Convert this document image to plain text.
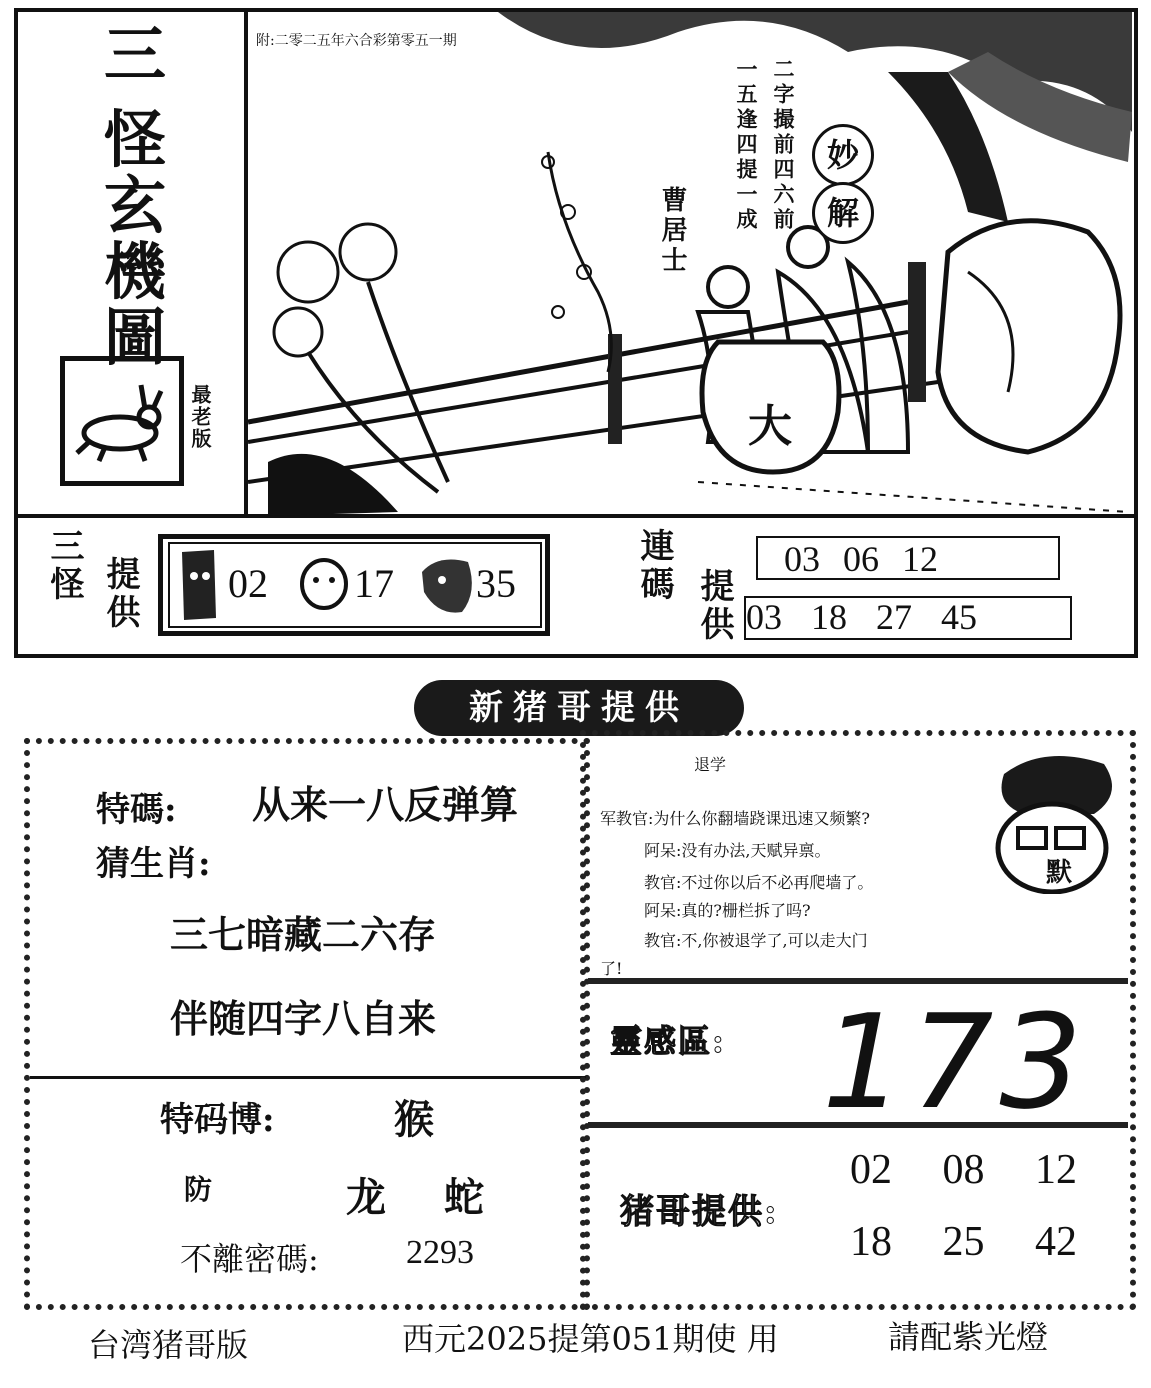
三
怪
玄
機
圖
最老版
附:二零二五年六合彩第零五一期
二字撮前四六前
一五逢四提一成
曹居士
妙
解
大
三怪 提供 02 17 35	連碼
提供
03 06 12
03 18 27 45
新猪哥提供
特碼: 从来一八反弹算
猜生肖:
三七暗藏二六存
伴随四字八自来
特码博:	猴
防	龙 蛇
不離密碼:	2293
退学
军教官:为什么你翻墙跷课迅速又频繁?
阿呆:没有办法,天赋异禀。
教官:不过你以后不必再爬墙了。
阿呆:真的?栅栏拆了吗?
教官:不,你被退学了,可以走大门
了!
默
靈感區: 173
猪哥提供:
02 08 12
18 25 42
台湾猪哥版	西元2025提第051期使 用	請配紫光燈
